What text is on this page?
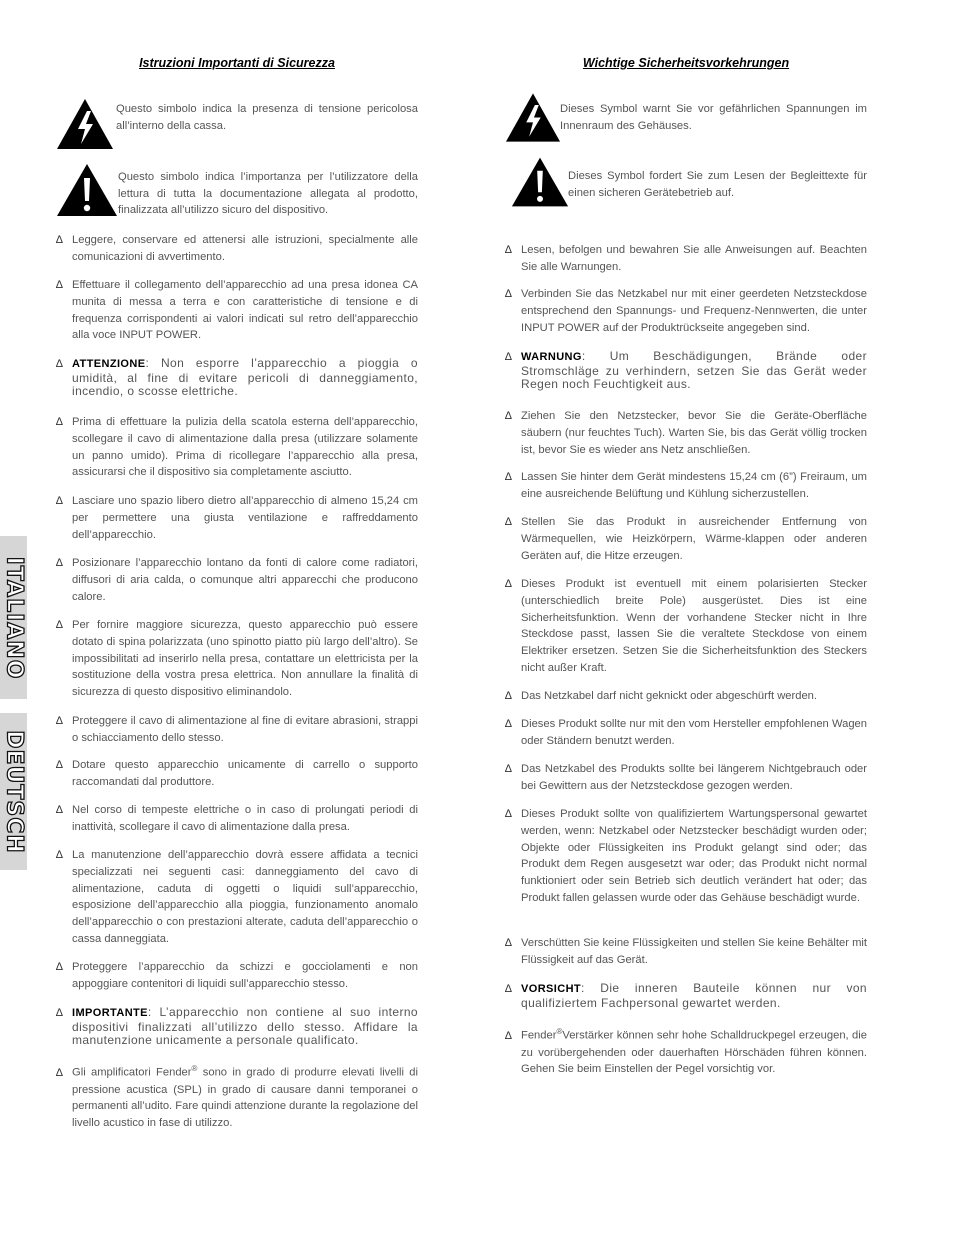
ITALIANO
DEUTSCH
Istruzioni Importanti di Sicurezza
Questo simbolo indica la presenza di tensione pericolosa all’interno della cassa.
Questo simbolo indica l’importanza per l’utilizzatore della lettura di tutta la documentazione allegata al prodotto, finalizzata all’utilizzo sicuro del dispositivo.
∆ Leggere, conservare ed attenersi alle istruzioni, specialmente alle comunicazioni di avvertimento.
∆ Effettuare il collegamento dell’apparecchio ad una presa idonea CA munita di messa a terra e con caratteristiche di tensione e di frequenza corrispondenti ai valori indicati sul retro dell’apparecchio alla voce INPUT POWER.
∆ ATTENZIONE: Non esporre l’apparecchio a pioggia o umidità, al fine di evitare pericoli di danneggiamento, incendio, o scosse elettriche.
∆ Prima di effettuare la pulizia della scatola esterna dell’apparecchio, scollegare il cavo di alimentazione dalla presa (utilizzare solamente un panno umido). Prima di ricollegare l’apparecchio alla presa, assicurarsi che il dispositivo sia completamente asciutto.
∆ Lasciare uno spazio libero dietro all’apparecchio di almeno 15,24 cm per permettere una giusta ventilazione e raffreddamento dell’apparecchio.
∆ Posizionare l’apparecchio lontano da fonti di calore come radiatori, diffusori di aria calda, o comunque altri apparecchi che producono calore.
∆ Per fornire maggiore sicurezza, questo apparecchio può essere dotato di spina polarizzata (uno spinotto piatto più largo dell’altro). Se impossibilitati ad inserirlo nella presa, contattare un elettricista per la sostituzione della vostra presa elettrica. Non annullare la finalità di sicurezza di questo dispositivo eliminandolo.
∆ Proteggere il cavo di alimentazione al fine di evitare abrasioni, strappi o schiacciamento dello stesso.
∆ Dotare questo apparecchio unicamente di carrello o supporto raccomandati dal produttore.
∆ Nel corso di tempeste elettriche o in caso di prolungati periodi di inattività, scollegare il cavo di alimentazione dalla presa.
∆ La manutenzione dell’apparecchio dovrà essere affidata a tecnici specializzati nei seguenti casi: danneggiamento del cavo di alimentazione, caduta di oggetti o liquidi sull’apparecchio, esposizione dell’apparecchio alla pioggia, funzionamento anomalo dell’apparecchio o con prestazioni alterate, caduta dell’apparecchio o cassa danneggiata.
∆ Proteggere l’apparecchio da schizzi e gocciolamenti e non appoggiare contenitori di liquidi sull’apparecchio stesso.
∆ IMPORTANTE: L’apparecchio non contiene al suo interno dispositivi finalizzati all’utilizzo dello stesso. Affidare la manutenzione unicamente a personale qualificato.
∆ Gli amplificatori Fender® sono in grado di produrre elevati livelli di pressione acustica (SPL) in grado di causare danni temporanei o permanenti all’udito. Fare quindi attenzione durante la regolazione del livello acustico in fase di utilizzo.
Wichtige Sicherheitsvorkehrungen
Dieses Symbol warnt Sie vor gefährlichen Spannungen im Innenraum des Gehäuses.
Dieses Symbol fordert Sie zum Lesen der Begleittexte für einen sicheren Gerätebetrieb auf.
∆ Lesen, befolgen und bewahren Sie alle Anweisungen auf. Beachten Sie alle Warnungen.
∆ Verbinden Sie das Netzkabel nur mit einer geerdeten Netzsteckdose entsprechend den Spannungs- und Frequenz-Nennwerten, die unter INPUT POWER auf der Produktrückseite angegeben sind.
∆ WARNUNG: Um Beschädigungen, Brände oder Stromschläge zu verhindern, setzen Sie das Gerät weder Regen noch Feuchtigkeit aus.
∆ Ziehen Sie den Netzstecker, bevor Sie die Geräte-Oberfläche säubern (nur feuchtes Tuch). Warten Sie, bis das Gerät völlig trocken ist, bevor Sie es wieder ans Netz anschließen.
∆ Lassen Sie hinter dem Gerät mindestens 15,24 cm (6”) Freiraum, um eine ausreichende Belüftung und Kühlung sicherzustellen.
∆ Stellen Sie das Produkt in ausreichender Entfernung von Wärmequellen, wie Heizkörpern, Wärme-klappen oder anderen Geräten auf, die Hitze erzeugen.
∆ Dieses Produkt ist eventuell mit einem polarisierten Stecker (unterschiedlich breite Pole) ausgerüstet. Dies ist eine Sicherheitsfunktion. Wenn der vorhandene Stecker nicht in Ihre Steckdose passt, lassen Sie die veraltete Steckdose von einem Elektriker ersetzen. Setzen Sie die Sicherheitsfunktion des Steckers nicht außer Kraft.
∆ Das Netzkabel darf nicht geknickt oder abgeschürft werden.
∆ Dieses Produkt sollte nur mit den vom Hersteller empfohlenen Wagen oder Ständern benutzt werden.
∆ Das Netzkabel des Produkts sollte bei längerem Nichtgebrauch oder bei Gewittern aus der Netzsteckdose gezogen werden.
∆ Dieses Produkt sollte von qualifiziertem Wartungspersonal gewartet werden, wenn: Netzkabel oder Netzstecker beschädigt wurden oder; Objekte oder Flüssigkeiten ins Produkt gelangt sind oder; das Produkt dem Regen ausgesetzt war oder; das Produkt nicht normal funktioniert oder sein Betrieb sich deutlich verändert hat oder; das Produkt fallen gelassen wurde oder das Gehäuse beschädigt wurde.
∆ Verschütten Sie keine Flüssigkeiten und stellen Sie keine Behälter mit Flüssigkeit auf das Gerät.
∆ VORSICHT: Die inneren Bauteile können nur von qualifiziertem Fachpersonal gewartet werden.
∆ Fender®Verstärker können sehr hohe Schalldruckpegel erzeugen, die zu vorübergehenden oder dauerhaften Hörschäden führen können. Gehen Sie beim Einstellen der Pegel vorsichtig vor.
